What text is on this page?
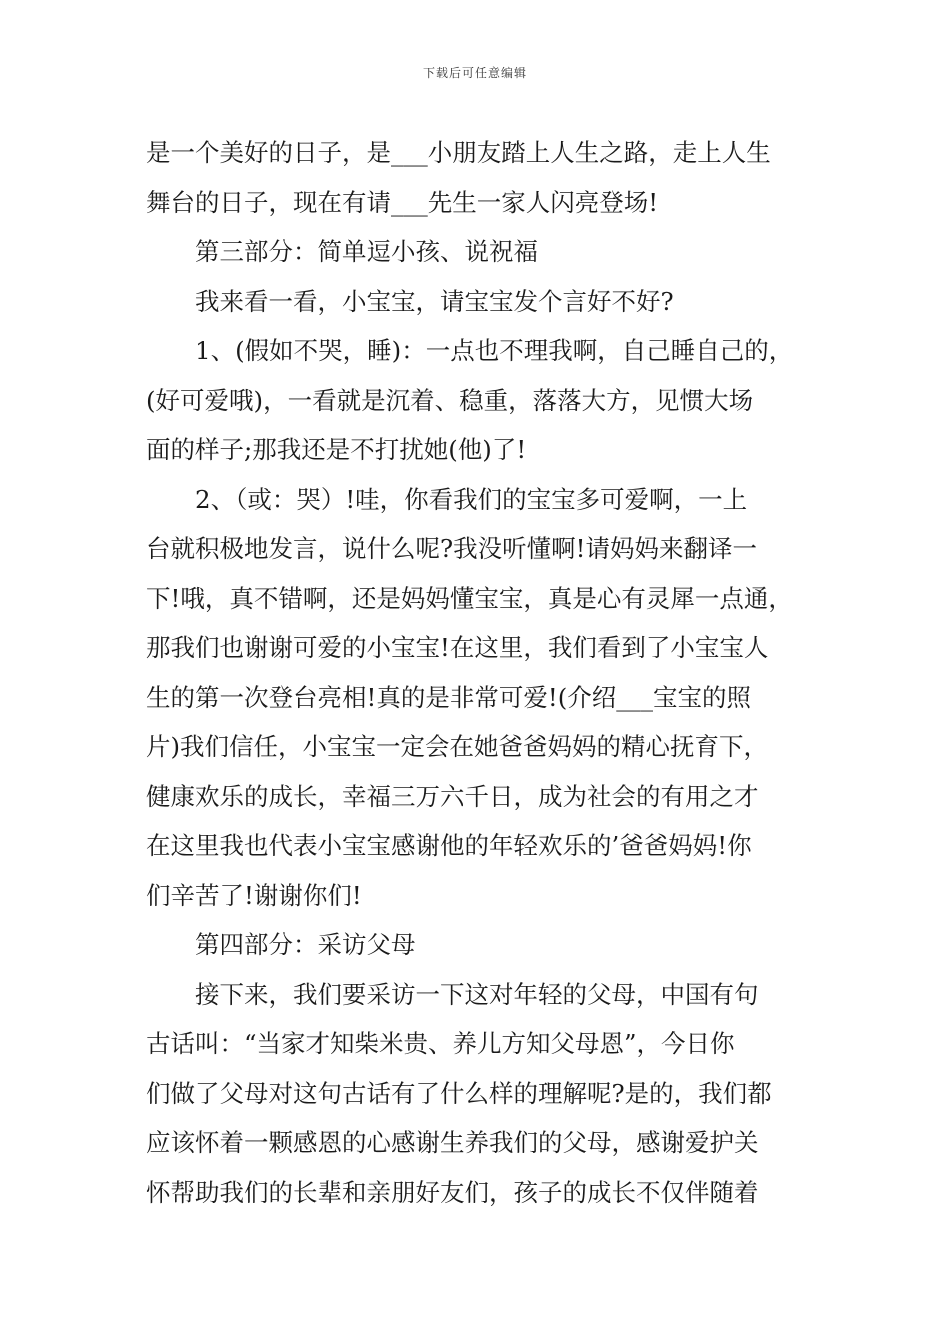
下载后可任意编辑
是一个美好的日子，是___小朋友踏上人生之路，走上人生
舞台的日子，现在有请___先生一家人闪亮登场!
第三部分：简单逗小孩、说祝福
我来看一看，小宝宝，请宝宝发个言好不好?
1、(假如不哭，睡)：一点也不理我啊，自己睡自己的，
(好可爱哦)，一看就是沉着、稳重，落落大方，见惯大场
面的样子;那我还是不打扰她(他)了!
2、（或：哭）!哇，你看我们的宝宝多可爱啊，一上
台就积极地发言，说什么呢?我没听懂啊!请妈妈来翻译一
下!哦，真不错啊，还是妈妈懂宝宝，真是心有灵犀一点通，
那我们也谢谢可爱的小宝宝!在这里，我们看到了小宝宝人
生的第一次登台亮相!真的是非常可爱!(介绍___宝宝的照
片)我们信任，小宝宝一定会在她爸爸妈妈的精心抚育下，
健康欢乐的成长，幸福三万六千日，成为社会的有用之才
在这里我也代表小宝宝感谢他的年轻欢乐的’爸爸妈妈!你
们辛苦了!谢谢你们!
第四部分：采访父母
接下来，我们要采访一下这对年轻的父母，中国有句
古话叫：“当家才知柴米贵、养儿方知父母恩”，今日你
们做了父母对这句古话有了什么样的理解呢?是的，我们都
应该怀着一颗感恩的心感谢生养我们的父母，感谢爱护关
怀帮助我们的长辈和亲朋好友们，孩子的成长不仅伴随着
